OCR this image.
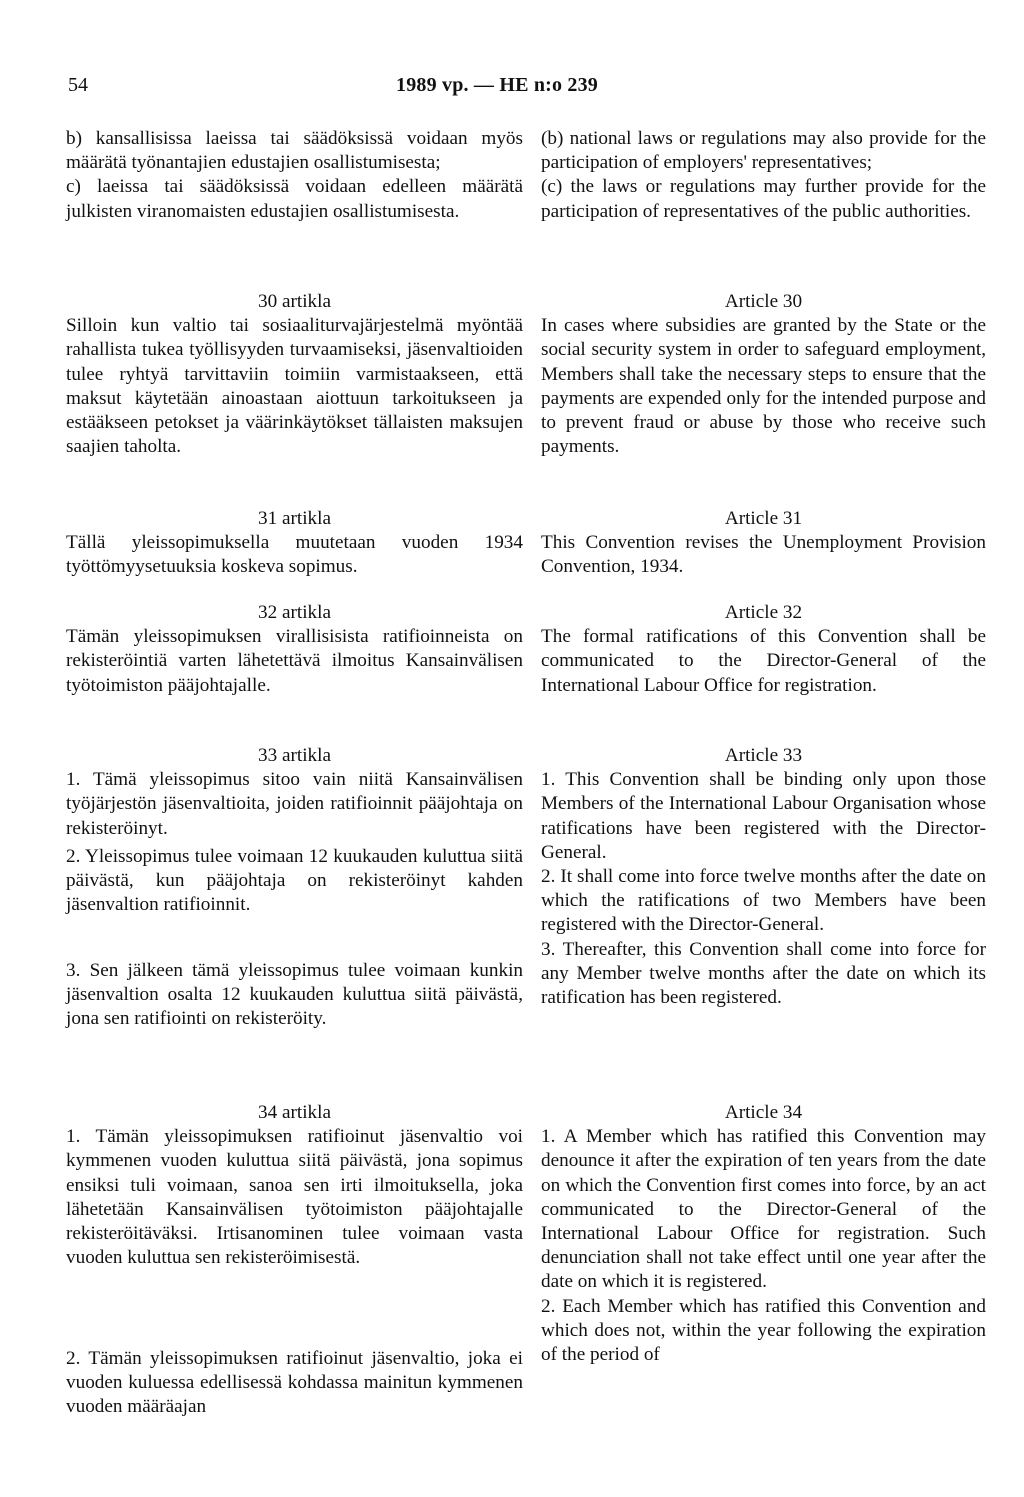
54	1989 vp. — HE n:o 239

b) kansallisissa laeissa tai säädöksissä voidaan myös määrätä työnantajien edustajien osallistumisesta;

c) laeissa tai säädöksissä voidaan edelleen määrätä julkisten viranomaisten edustajien osallistumisesta.

30 artikla

Silloin kun valtio tai sosiaaliturvajärjestelmä myöntää rahallista tukea työllisyyden turvaamiseksi, jäsenvaltioiden tulee ryhtyä tarvittaviin toimiin varmistaakseen, että maksut käytetään ainoastaan aiottuun tarkoitukseen ja estääkseen petokset ja väärinkäytökset tällaisten maksujen saajien taholta.

31 artikla

Tällä yleissopimuksella muutetaan vuoden 1934 työttömyysetuuksia koskeva sopimus.

32 artikla

Tämän yleissopimuksen virallisisista ratifioinneista on rekisteröintiä varten lähetettävä ilmoitus Kansainvälisen työtoimiston pääjohtajalle.

33 artikla

1. Tämä yleissopimus sitoo vain niitä Kansainvälisen työjärjestön jäsenvaltioita, joiden ratifioinnit pääjohtaja on rekisteröinyt.

2. Yleissopimus tulee voimaan 12 kuukauden kuluttua siitä päivästä, kun pääjohtaja on rekisteröinyt kahden jäsenvaltion ratifioinnit.

3. Sen jälkeen tämä yleissopimus tulee voimaan kunkin jäsenvaltion osalta 12 kuukauden kuluttua siitä päivästä, jona sen ratifiointi on rekisteröity.

34 artikla

1. Tämän yleissopimuksen ratifioinut jäsenvaltio voi kymmenen vuoden kuluttua siitä päivästä, jona sopimus ensiksi tuli voimaan, sanoa sen irti ilmoituksella, joka lähetetään Kansainvälisen työtoimiston pääjohtajalle rekisteröitäväksi. Irtisanominen tulee voimaan vasta vuoden kuluttua sen rekisteröimisestä.

2. Tämän yleissopimuksen ratifioinut jäsenvaltio, joka ei vuoden kuluessa edellisessä kohdassa mainitun kymmenen vuoden määräajan

(b) national laws or regulations may also provide for the participation of employers' representatives;

(c) the laws or regulations may further provide for the participation of representatives of the public authorities.

Article 30

In cases where subsidies are granted by the State or the social security system in order to safeguard employment, Members shall take the necessary steps to ensure that the payments are expended only for the intended purpose and to prevent fraud or abuse by those who receive such payments.

Article 31

This Convention revises the Unemployment Provision Convention, 1934.

Article 32

The formal ratifications of this Convention shall be communicated to the Director-General of the International Labour Office for registration.

Article 33

1. This Convention shall be binding only upon those Members of the International Labour Organisation whose ratifications have been registered with the Director-General.

2. It shall come into force twelve months after the date on which the ratifications of two Members have been registered with the Director-General.

3. Thereafter, this Convention shall come into force for any Member twelve months after the date on which its ratification has been registered.

Article 34

1. A Member which has ratified this Convention may denounce it after the expiration of ten years from the date on which the Convention first comes into force, by an act communicated to the Director-General of the International Labour Office for registration. Such denunciation shall not take effect until one year after the date on which it is registered.

2. Each Member which has ratified this Convention and which does not, within the year following the expiration of the period of
